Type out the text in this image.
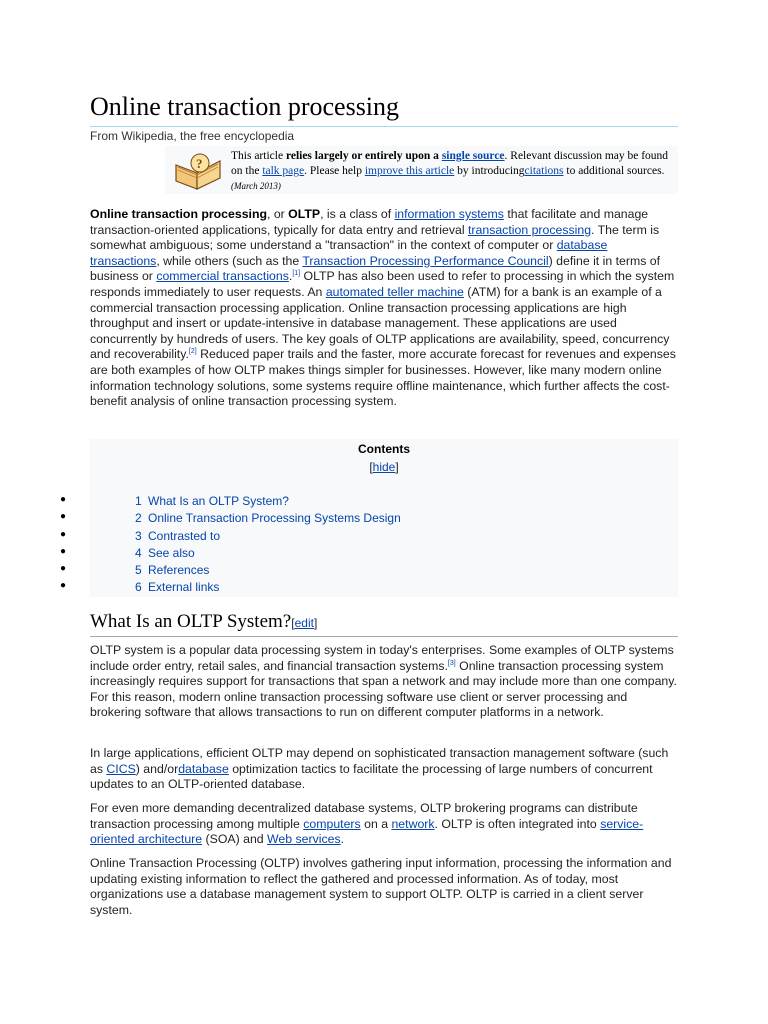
Online transaction processing
From Wikipedia, the free encyclopedia
? This article relies largely or entirely upon a single source. Relevant discussion may be found on the talk page. Please help improve this article by introducingcitations to additional sources. (March 2013)

Online transaction processing, or OLTP, is a class of information systems that facilitate and manage transaction-oriented applications, typically for data entry and retrieval transaction processing. The term is somewhat ambiguous; some understand a "transaction" in the context of computer or database transactions, while others (such as the Transaction Processing Performance Council) define it in terms of business or commercial transactions.[1] OLTP has also been used to refer to processing in which the system responds immediately to user requests. An automated teller machine (ATM) for a bank is an example of a commercial transaction processing application. Online transaction processing applications are high throughput and insert or update-intensive in database management. These applications are used concurrently by hundreds of users. The key goals of OLTP applications are availability, speed, concurrency and recoverability.[2] Reduced paper trails and the faster, more accurate forecast for revenues and expenses are both examples of how OLTP makes things simpler for businesses. However, like many modern online information technology solutions, some systems require offline maintenance, which further affects the cost-benefit analysis of online transaction processing system.

Contents
[hide]
●	1 What Is an OLTP System?
●	2 Online Transaction Processing Systems Design
●	3 Contrasted to
●	4 See also
●	5 References
●	6 External links
What Is an OLTP System?[edit]

OLTP system is a popular data processing system in today's enterprises. Some examples of OLTP systems include order entry, retail sales, and financial transaction systems.[3] Online transaction processing system increasingly requires support for transactions that span a network and may include more than one company. For this reason, modern online transaction processing software use client or server processing and brokering software that allows transactions to run on different computer platforms in a network.

In large applications, efficient OLTP may depend on sophisticated transaction management software (such as CICS) and/ordatabase optimization tactics to facilitate the processing of large numbers of concurrent updates to an OLTP-oriented database.

For even more demanding decentralized database systems, OLTP brokering programs can distribute transaction processing among multiple computers on a network. OLTP is often integrated into service-oriented architecture (SOA) and Web services.

Online Transaction Processing (OLTP) involves gathering input information, processing the information and updating existing information to reflect the gathered and processed information. As of today, most organizations use a database management system to support OLTP. OLTP is carried in a client server system.
